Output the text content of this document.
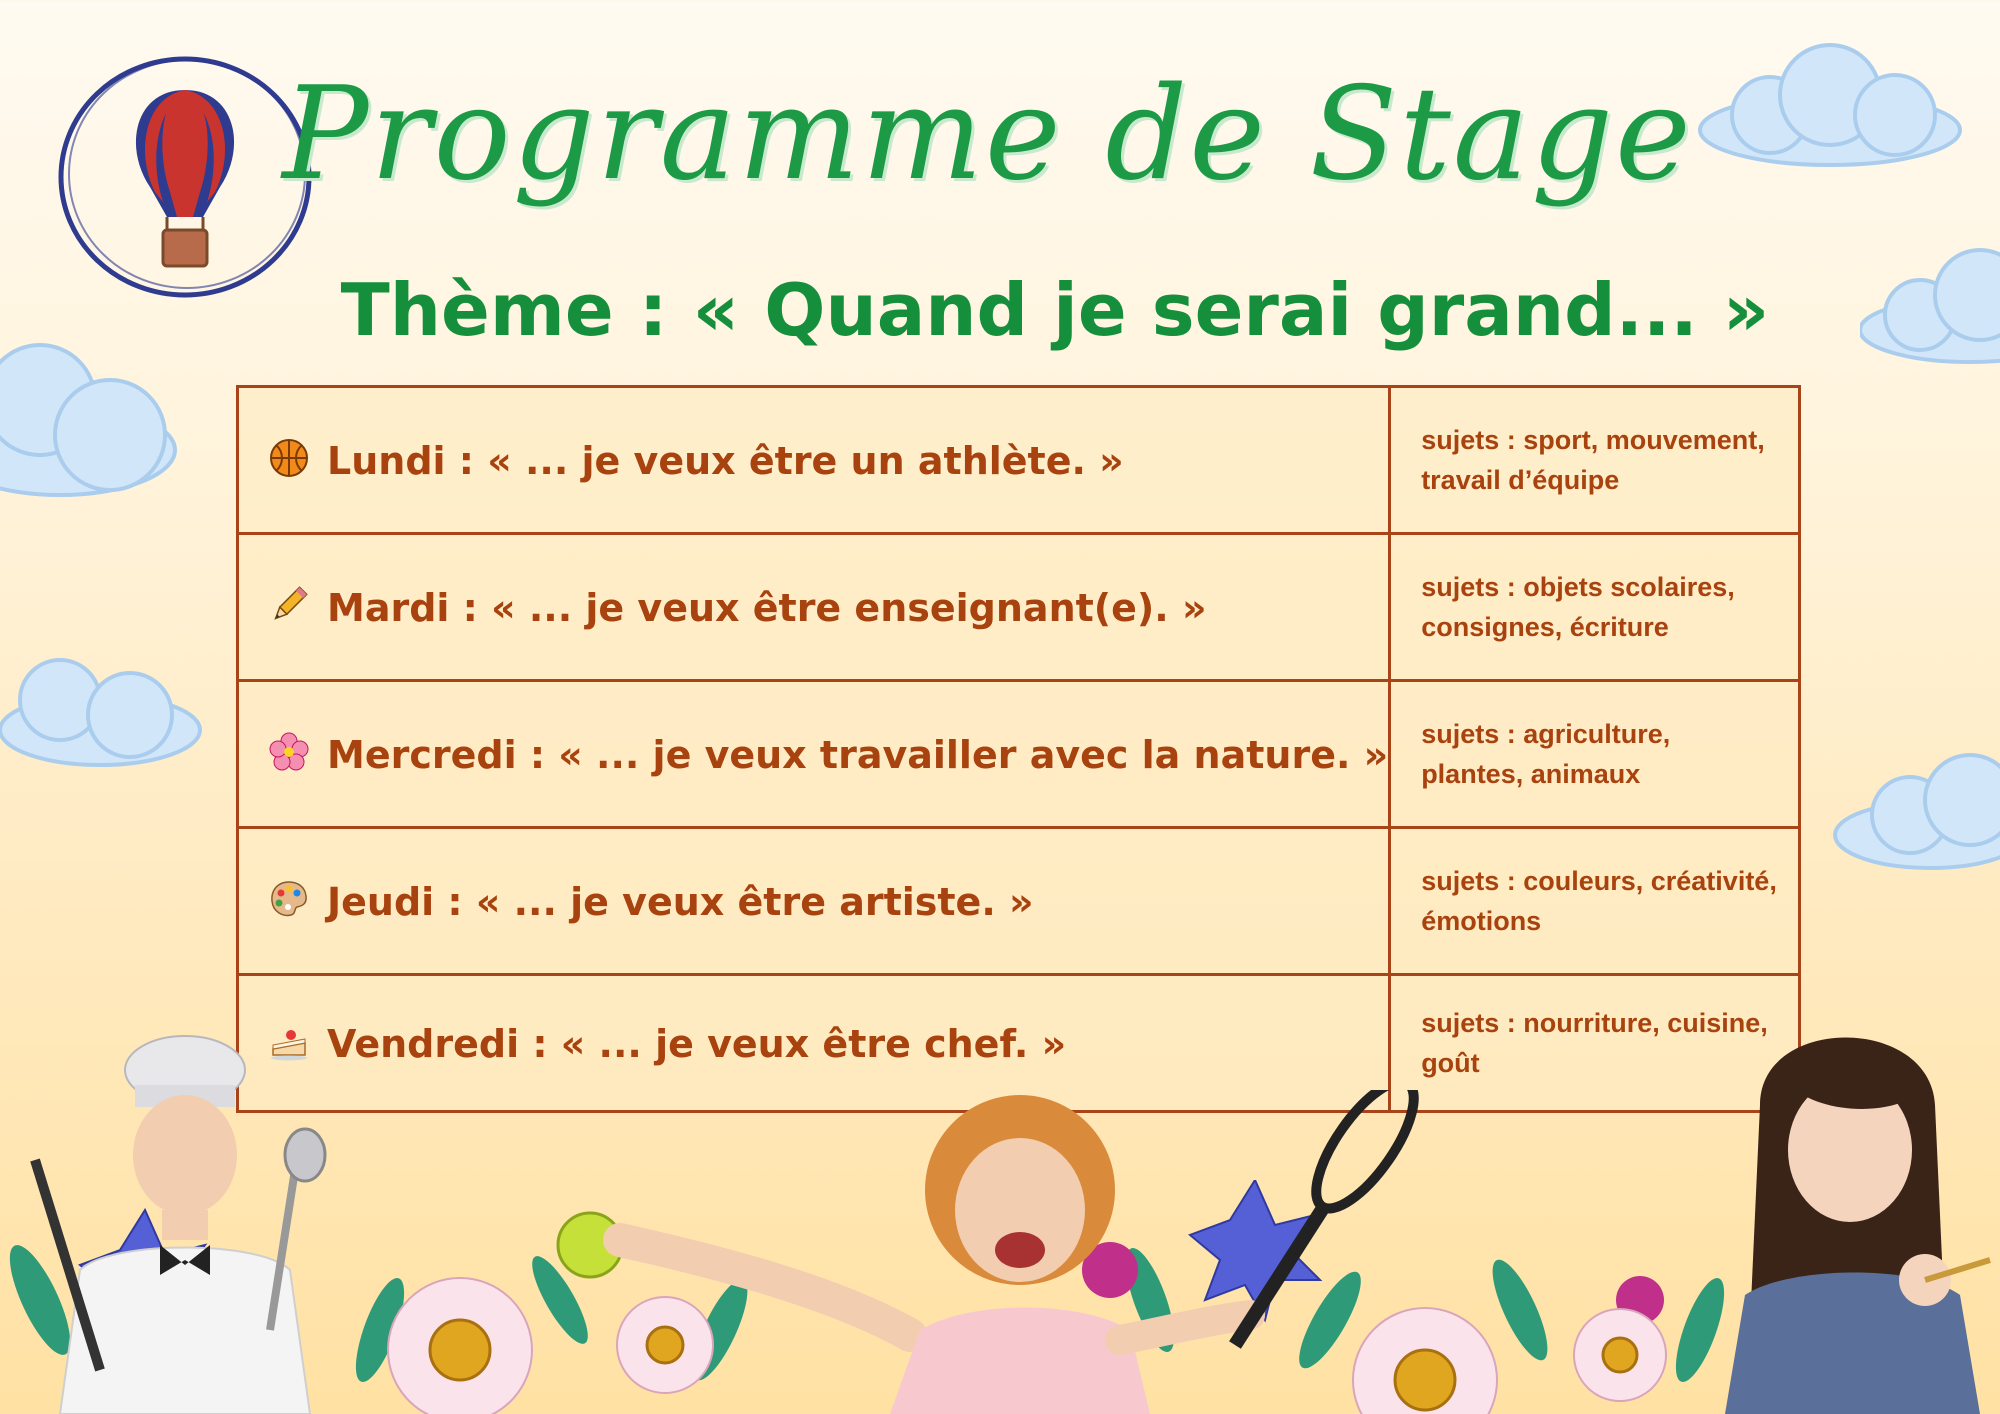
Programme de Stage
Thème : « Quand je serai grand... »
Lundi : « ... je veux être un athlète. »	sujets : sport, mouvement, travail d’équipe

Mardi : « ... je veux être enseignant(e). »	sujets : objets scolaires, consignes, écriture

Mercredi : « ... je veux travailler avec la nature. »	sujets : agriculture, plantes, animaux

Jeudi : « ... je veux être artiste. »	sujets : couleurs, créativité, émotions

Vendredi : « ... je veux être chef. »	sujets : nourriture, cuisine, goût
